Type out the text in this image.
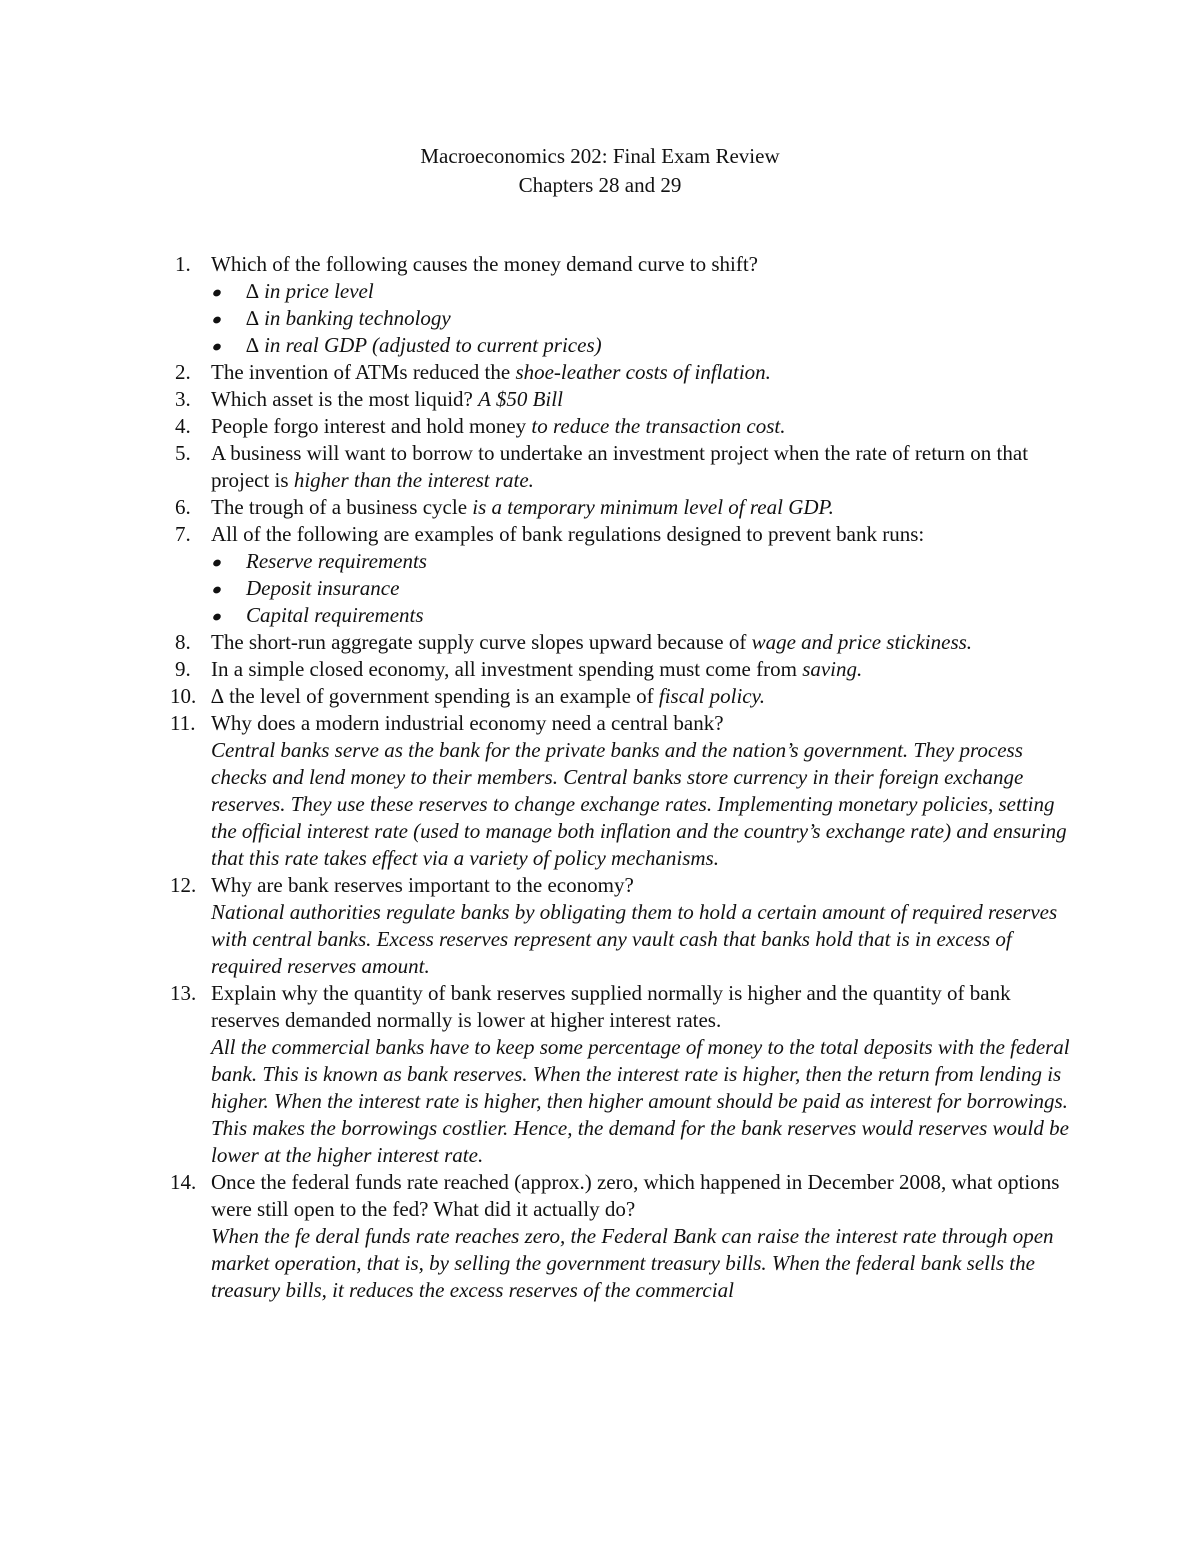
Macroeconomics 202: Final Exam Review
Chapters 28 and 29
1. Which of the following causes the money demand curve to shift?
∆ in price level
∆ in banking technology
∆ in real GDP (adjusted to current prices)
2. The invention of ATMs reduced the shoe-leather costs of inflation.
3. Which asset is the most liquid? A $50 Bill
4. People forgo interest and hold money to reduce the transaction cost.
5. A business will want to borrow to undertake an investment project when the rate of return on that project is higher than the interest rate.
6. The trough of a business cycle is a temporary minimum level of real GDP.
7. All of the following are examples of bank regulations designed to prevent bank runs:
Reserve requirements
Deposit insurance
Capital requirements
8. The short-run aggregate supply curve slopes upward because of wage and price stickiness.
9. In a simple closed economy, all investment spending must come from saving.
10. ∆ the level of government spending is an example of fiscal policy.
11. Why does a modern industrial economy need a central bank?
Central banks serve as the bank for the private banks and the nation’s government. They process checks and lend money to their members. Central banks store currency in their foreign exchange reserves. They use these reserves to change exchange rates. Implementing monetary policies, setting the official interest rate (used to manage both inflation and the country’s exchange rate) and ensuring that this rate takes effect via a variety of policy mechanisms.
12. Why are bank reserves important to the economy?
National authorities regulate banks by obligating them to hold a certain amount of required reserves with central banks. Excess reserves represent any vault cash that banks hold that is in excess of required reserves amount.
13. Explain why the quantity of bank reserves supplied normally is higher and the quantity of bank reserves demanded normally is lower at higher interest rates.
All the commercial banks have to keep some percentage of money to the total deposits with the federal bank. This is known as bank reserves. When the interest rate is higher, then the return from lending is higher. When the interest rate is higher, then higher amount should be paid as interest for borrowings. This makes the borrowings costlier. Hence, the demand for the bank reserves would reserves would be lower at the higher interest rate.
14. Once the federal funds rate reached (approx.) zero, which happened in December 2008, what options were still open to the fed? What did it actually do?
When the fe deral funds rate reaches zero, the Federal Bank can raise the interest rate through open market operation, that is, by selling the government treasury bills. When the federal bank sells the treasury bills, it reduces the excess reserves of the commercial
